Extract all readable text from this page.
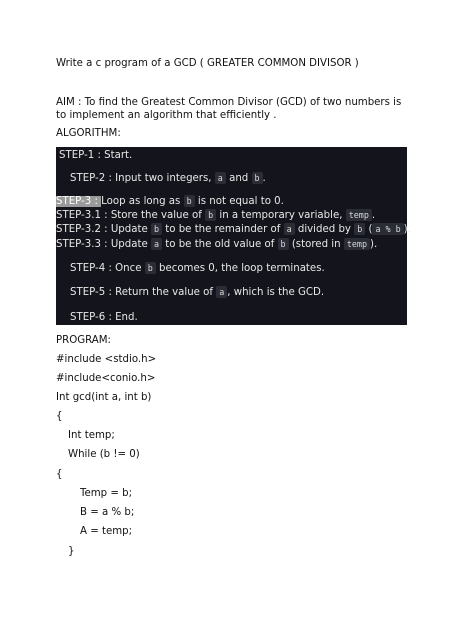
Write a c program of a GCD ( GREATER COMMON DIVISOR )
AIM : To find the Greatest Common Divisor (GCD) of two numbers is to implement an algorithm that efficiently .
ALGORITHM:
STEP-1 : Start.
STEP-2 : Input two integers, a and b .
STEP-3 : Loop as long as b is not equal to 0.
STEP-3.1 : Store the value of b in a temporary variable, temp .
STEP-3.2 : Update b to be the remainder of a divided by b ( a % b ).
STEP-3.3 : Update a to be the old value of b (stored in temp ).
STEP-4 : Once b becomes 0, the loop terminates.
STEP-5 : Return the value of a , which is the GCD.
STEP-6 : End.
PROGRAM:
#include <stdio.h>
#include<conio.h>
Int gcd(int a, int b)
{
Int temp;
While (b != 0)
{
Temp = b;
B = a % b;
A = temp;
}
